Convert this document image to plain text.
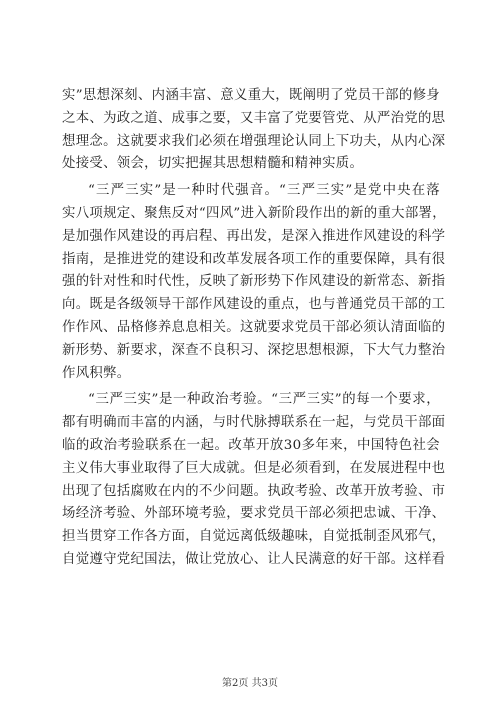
实”思想深刻、内涵丰富、意义重大，既阐明了党员干部的修身
之本、为政之道、成事之要，又丰富了党要管党、从严治党的思
想理念。这就要求我们必须在增强理论认同上下功夫，从内心深
处接受、领会，切实把握其思想精髓和精神实质。
“三严三实”是一种时代强音。“三严三实”是党中央在落
实八项规定、聚焦反对“四风”进入新阶段作出的新的重大部署，
是加强作风建设的再启程、再出发，是深入推进作风建设的科学
指南，是推进党的建设和改革发展各项工作的重要保障，具有很
强的针对性和时代性，反映了新形势下作风建设的新常态、新指
向。既是各级领导干部作风建设的重点，也与普通党员干部的工
作作风、品格修养息息相关。这就要求党员干部必须认清面临的
新形势、新要求，深查不良积习、深挖思想根源，下大气力整治
作风积弊。
“三严三实”是一种政治考验。“三严三实”的每一个要求，
都有明确而丰富的内涵，与时代脉搏联系在一起，与党员干部面
临的政治考验联系在一起。改革开放30多年来，中国特色社会
主义伟大事业取得了巨大成就。但是必须看到，在发展进程中也
出现了包括腐败在内的不少问题。执政考验、改革开放考验、市
场经济考验、外部环境考验，要求党员干部必须把忠诚、干净、
担当贯穿工作各方面，自觉远离低级趣味，自觉抵制歪风邪气，
自觉遵守党纪国法，做让党放心、让人民满意的好干部。这样看
第2页 共3页
